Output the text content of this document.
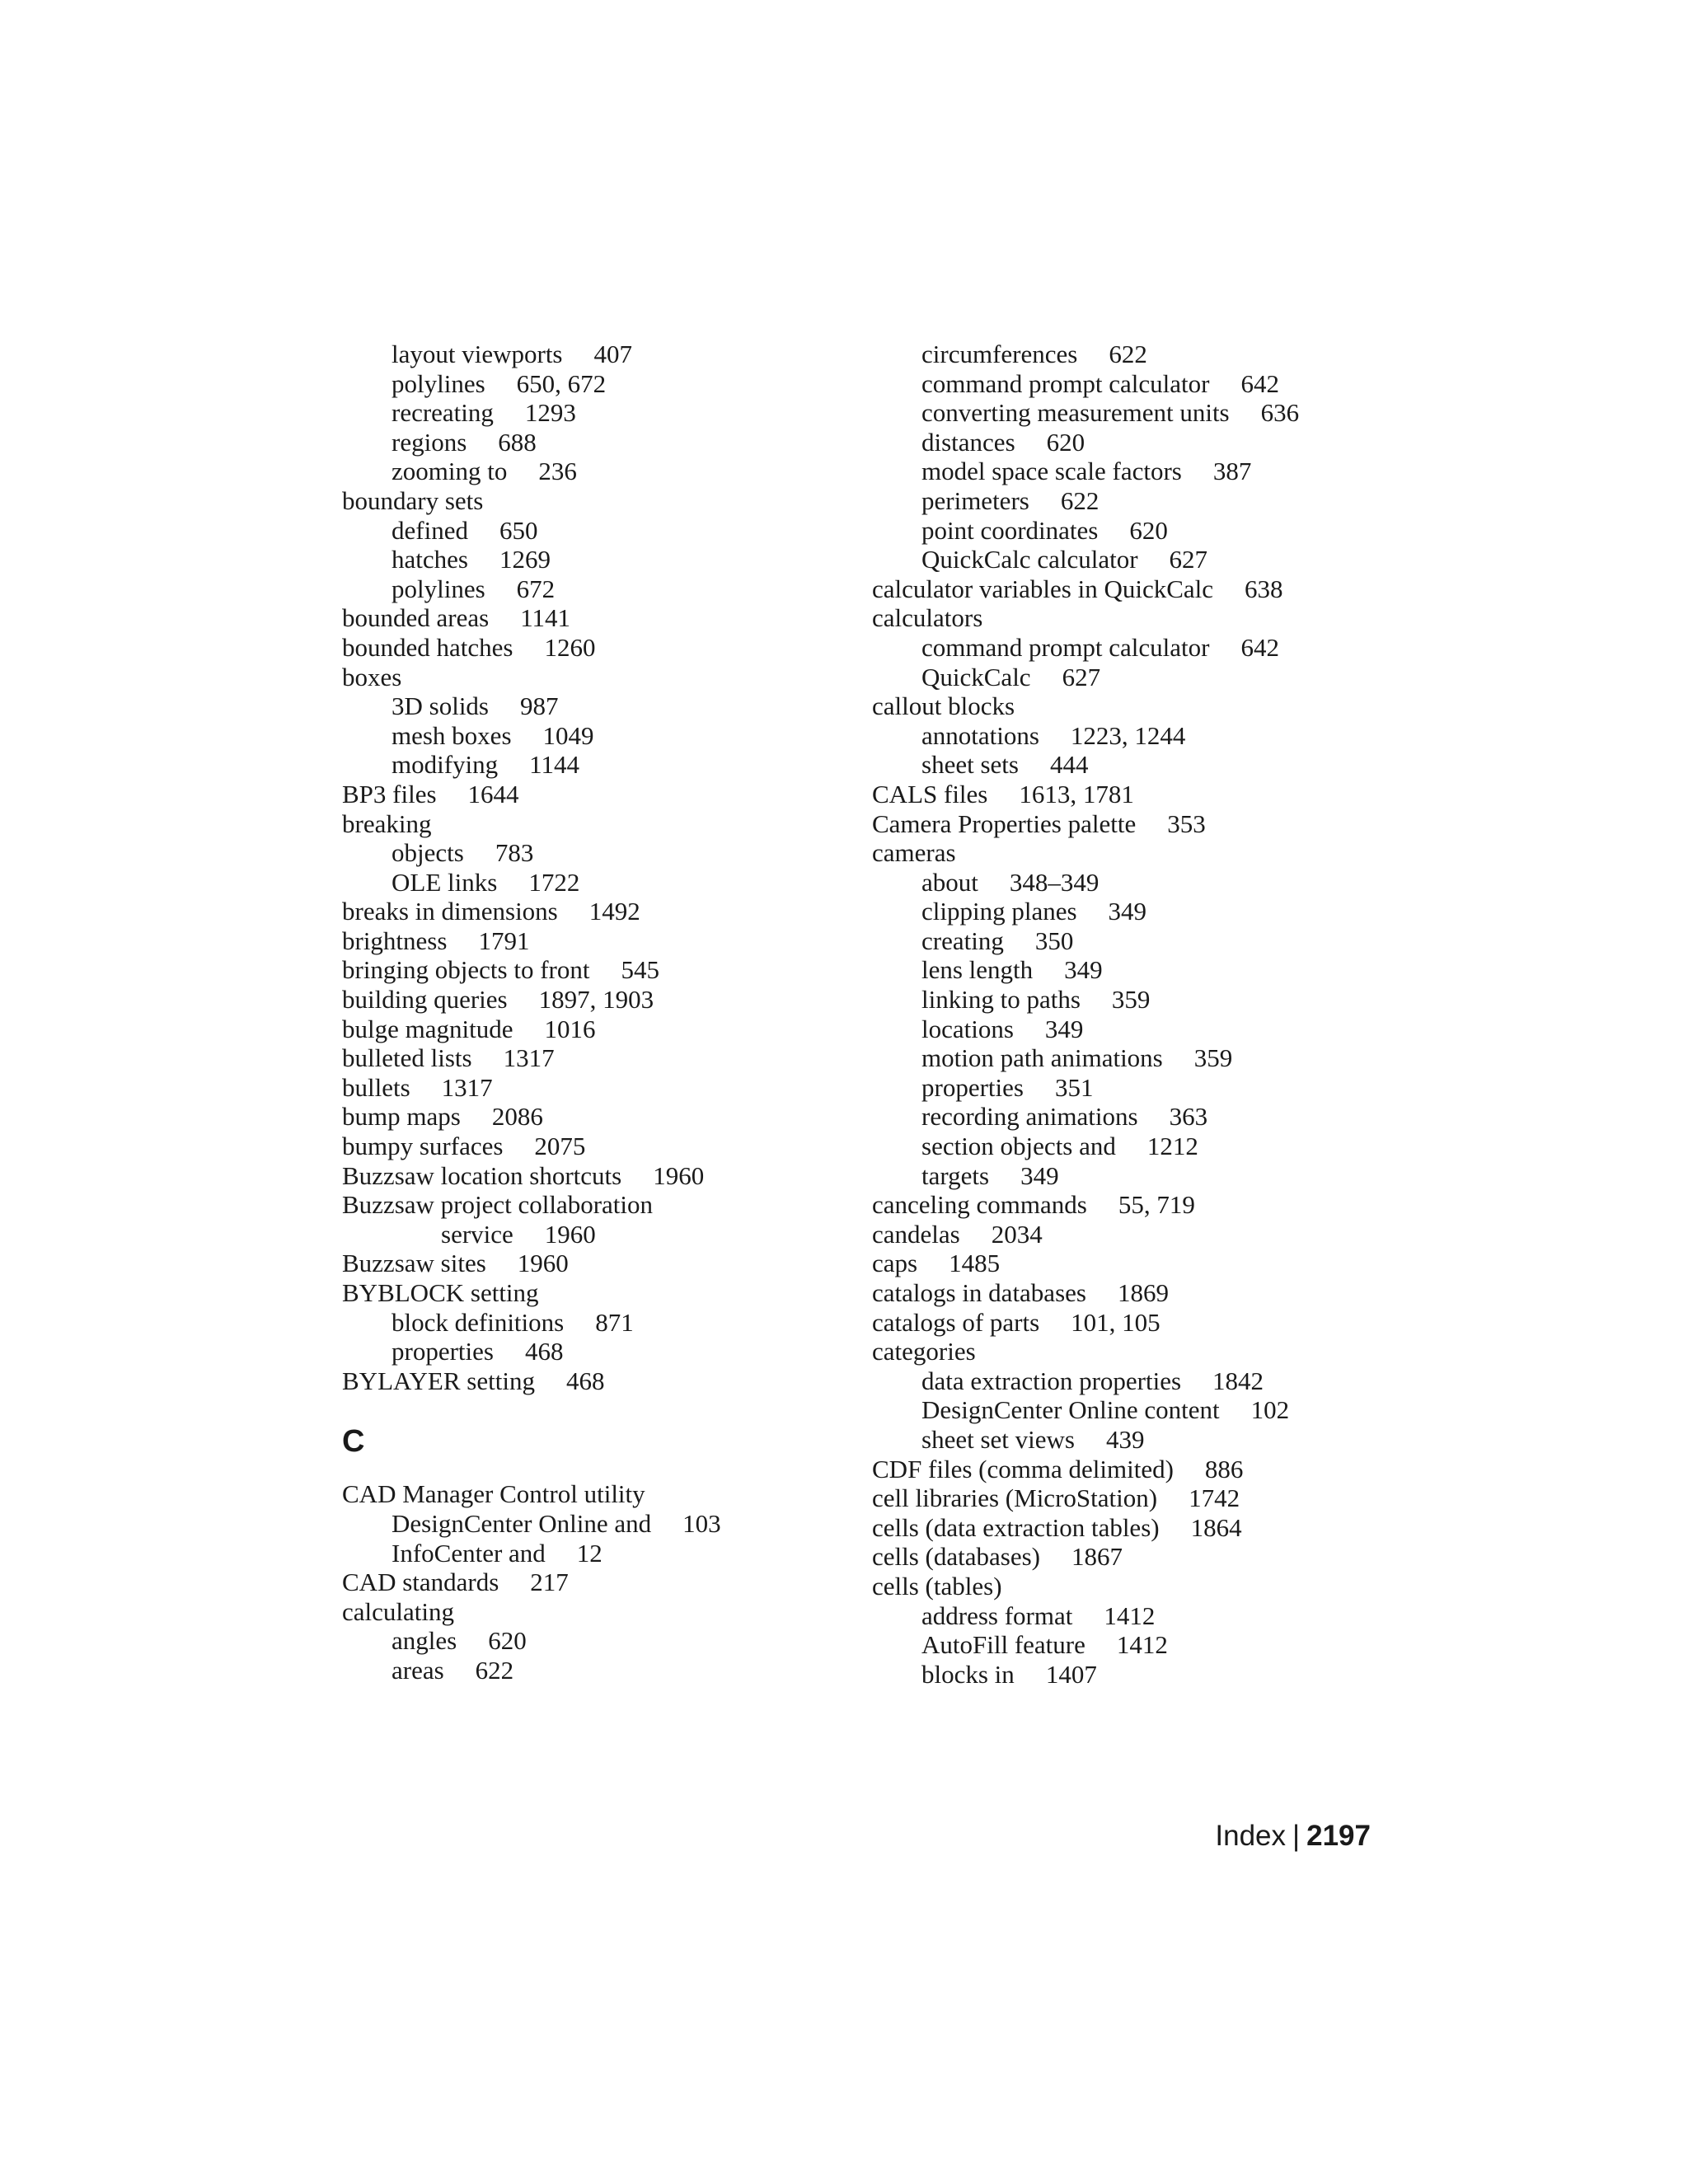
layout viewports 407
polylines 650, 672
recreating 1293
regions 688
zooming to 236
boundary sets
defined 650
hatches 1269
polylines 672
bounded areas 1141
bounded hatches 1260
boxes
3D solids 987
mesh boxes 1049
modifying 1144
BP3 files 1644
breaking
objects 783
OLE links 1722
breaks in dimensions 1492
brightness 1791
bringing objects to front 545
building queries 1897, 1903
bulge magnitude 1016
bulleted lists 1317
bullets 1317
bump maps 2086
bumpy surfaces 2075
Buzzsaw location shortcuts 1960
Buzzsaw project collaboration
service 1960
Buzzsaw sites 1960
BYBLOCK setting
block definitions 871
properties 468
BYLAYER setting 468
C
CAD Manager Control utility
DesignCenter Online and 103
InfoCenter and 12
CAD standards 217
calculating
angles 620
areas 622
circumferences 622
command prompt calculator 642
converting measurement units 636
distances 620
model space scale factors 387
perimeters 622
point coordinates 620
QuickCalc calculator 627
calculator variables in QuickCalc 638
calculators
command prompt calculator 642
QuickCalc 627
callout blocks
annotations 1223, 1244
sheet sets 444
CALS files 1613, 1781
Camera Properties palette 353
cameras
about 348–349
clipping planes 349
creating 350
lens length 349
linking to paths 359
locations 349
motion path animations 359
properties 351
recording animations 363
section objects and 1212
targets 349
canceling commands 55, 719
candelas 2034
caps 1485
catalogs in databases 1869
catalogs of parts 101, 105
categories
data extraction properties 1842
DesignCenter Online content 102
sheet set views 439
CDF files (comma delimited) 886
cell libraries (MicroStation) 1742
cells (data extraction tables) 1864
cells (databases) 1867
cells (tables)
address format 1412
AutoFill feature 1412
blocks in 1407
Index | 2197
